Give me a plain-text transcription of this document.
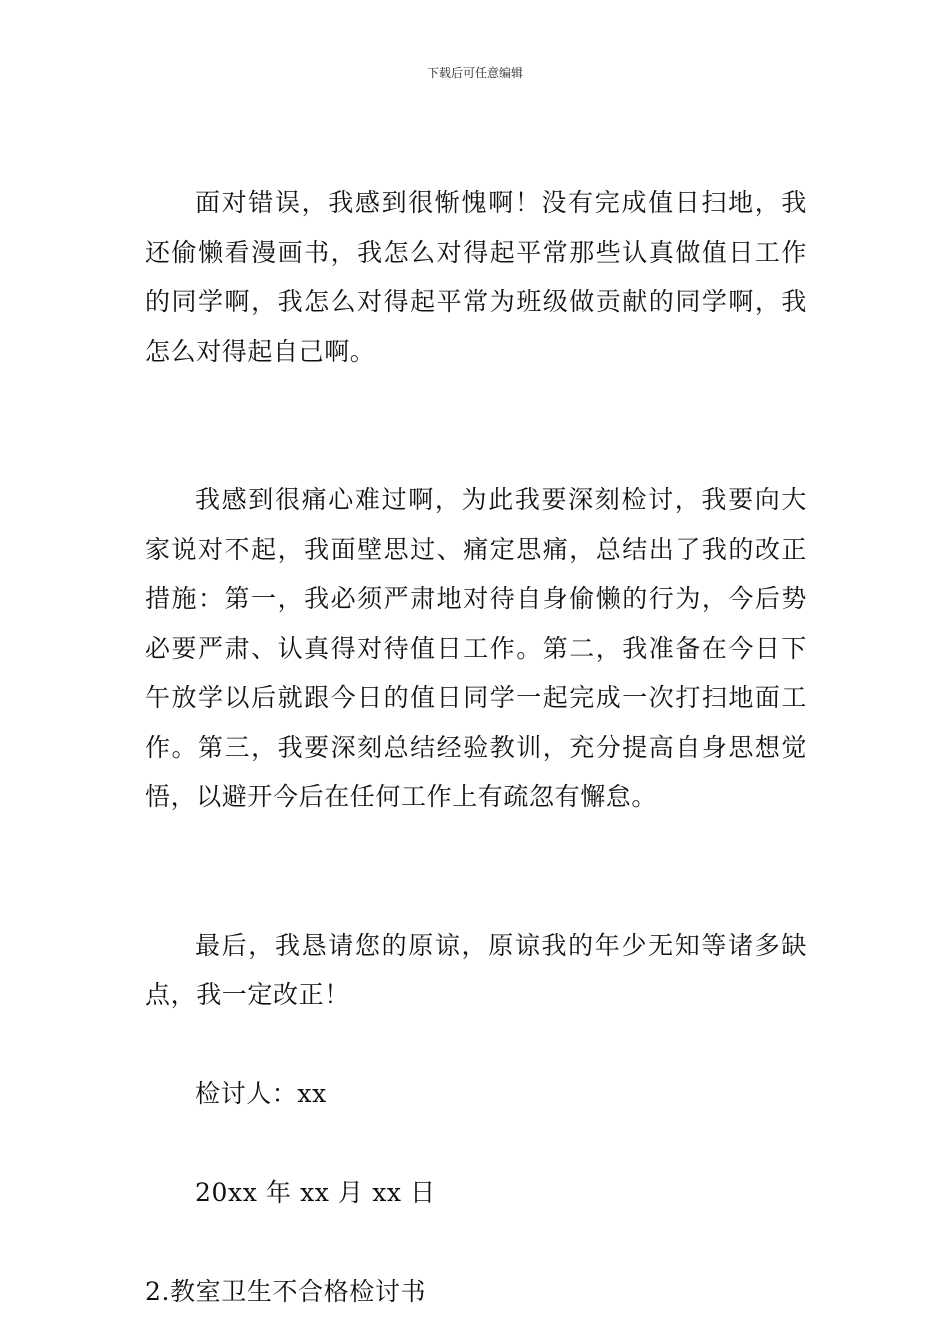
下载后可任意编辑

面对错误，我感到很惭愧啊！没有完成值日扫地，我还偷懒看漫画书，我怎么对得起平常那些认真做值日工作的同学啊，我怎么对得起平常为班级做贡献的同学啊，我怎么对得起自己啊。

我感到很痛心难过啊，为此我要深刻检讨，我要向大家说对不起，我面壁思过、痛定思痛，总结出了我的改正措施：第一，我必须严肃地对待自身偷懒的行为，今后势必要严肃、认真得对待值日工作。第二，我准备在今日下午放学以后就跟今日的值日同学一起完成一次打扫地面工作。第三，我要深刻总结经验教训，充分提高自身思想觉悟，以避开今后在任何工作上有疏忽有懈怠。

最后，我恳请您的原谅，原谅我的年少无知等诸多缺点，我一定改正！

检讨人：xx

20xx 年 xx 月 xx 日

2.教室卫生不合格检讨书
